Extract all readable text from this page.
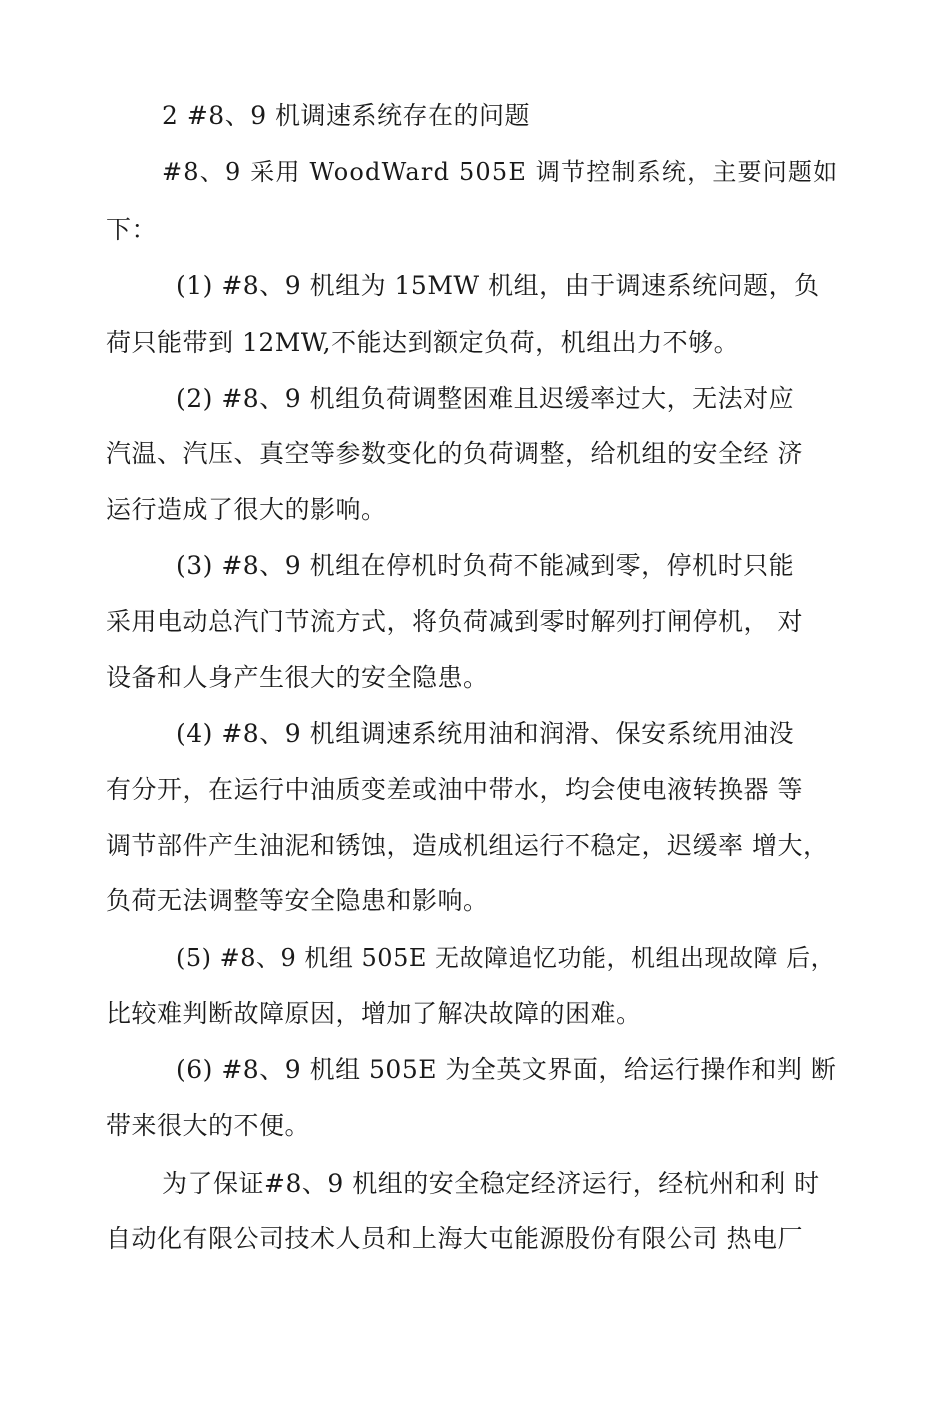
2 #8、9 机调速系统存在的问题
#8、9 采用 WoodWard 505E 调节控制系统，主要问题如
下：
(1) #8、9 机组为 15MW 机组，由于调速系统问题，负
荷只能带到 12MW,不能达到额定负荷，机组出力不够。
(2) #8、9 机组负荷调整困难且迟缓率过大，无法对应
汽温、汽压、真空等参数变化的负荷调整，给机组的安全经 济
运行造成了很大的影响。
(3) #8、9 机组在停机时负荷不能减到零，停机时只能
采用电动总汽门节流方式，将负荷减到零时解列打闸停机， 对
设备和人身产生很大的安全隐患。
(4) #8、9 机组调速系统用油和润滑、保安系统用油没
有分开，在运行中油质变差或油中带水，均会使电液转换器 等
调节部件产生油泥和锈蚀，造成机组运行不稳定，迟缓率 增大，
负荷无法调整等安全隐患和影响。
(5) #8、9 机组 505E 无故障追忆功能，机组出现故障 后，
比较难判断故障原因，增加了解决故障的困难。
(6) #8、9 机组 505E 为全英文界面，给运行操作和判 断
带来很大的不便。
为了保证#8、9 机组的安全稳定经济运行，经杭州和利 时
自动化有限公司技术人员和上海大屯能源股份有限公司 热电厂
